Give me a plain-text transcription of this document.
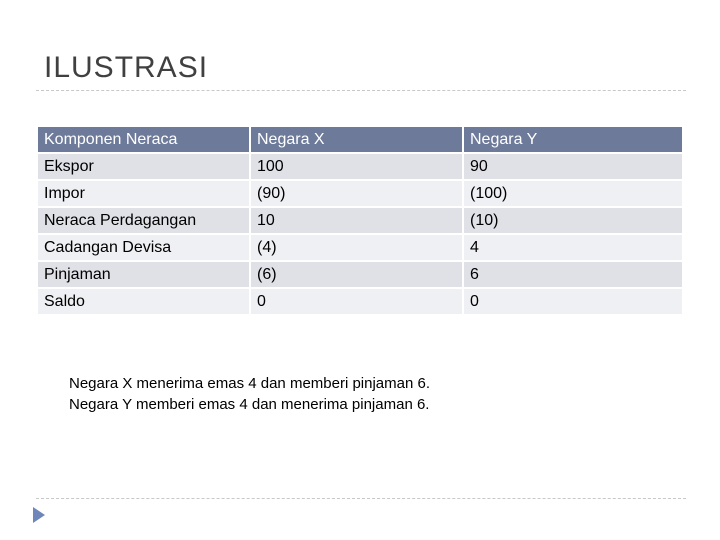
ILUSTRASI
Komponen Neraca	Negara X	Negara Y
Ekspor	100	90
Impor	(90)	(100)
Neraca Perdagangan	10	(10)
Cadangan Devisa	(4)	4
Pinjaman	(6)	6
Saldo	0	0
Negara X menerima emas 4 dan memberi pinjaman 6.
Negara Y memberi emas 4 dan menerima pinjaman 6.
